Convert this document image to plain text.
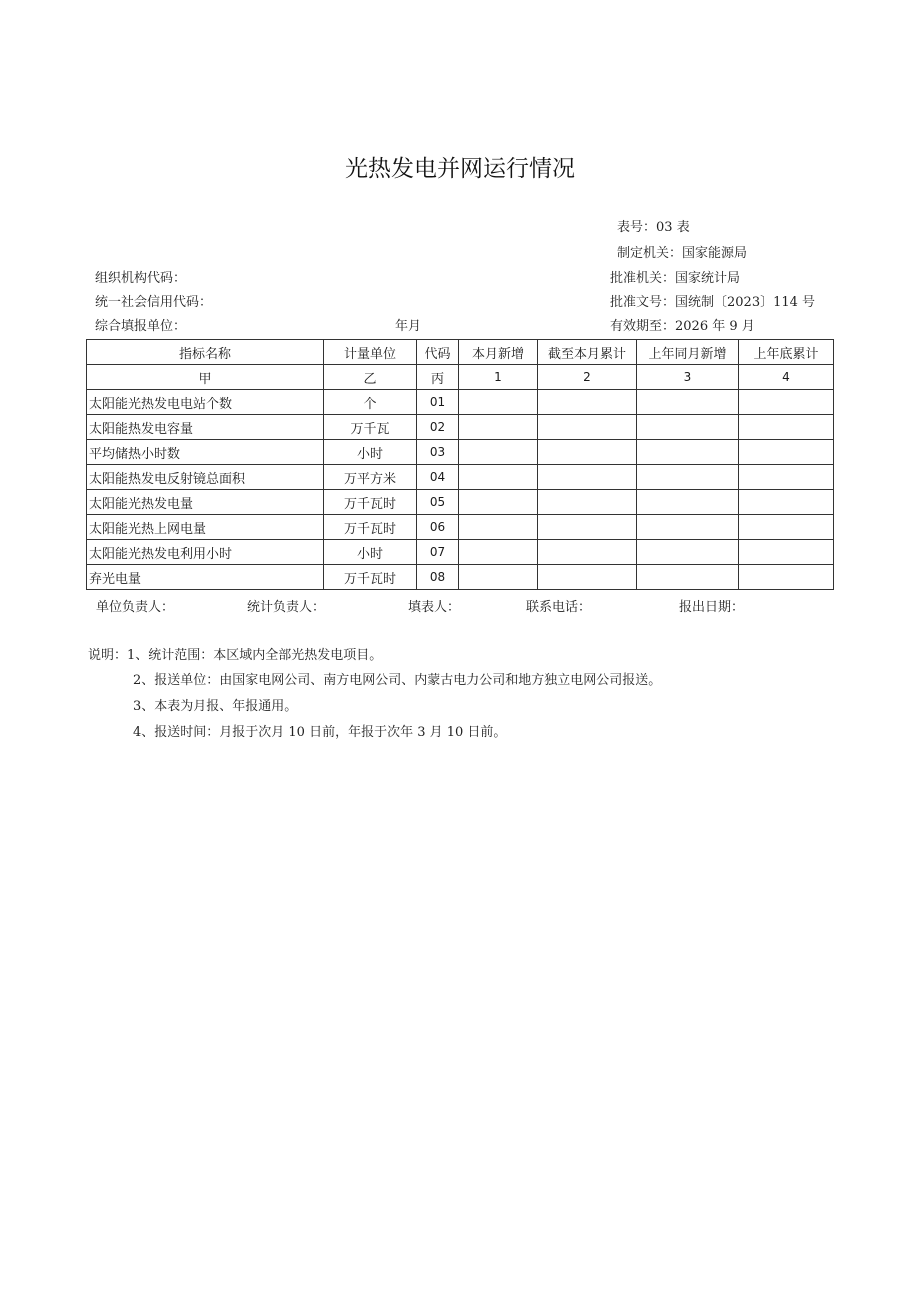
光热发电并网运行情况
表号：03 表
制定机关：国家能源局
批准机关：国家统计局
批准文号：国统制〔2023〕114 号
有效期至：2026 年 9 月
组织机构代码：
统一社会信用代码：
综合填报单位：	年月
指标名称	计量单位	代码	本月新增	截至本月累计	上年同月新增	上年底累计
甲	乙	丙	1	2	3	4
太阳能光热发电电站个数	个	01				
太阳能热发电容量	万千瓦	02				
平均储热小时数	小时	03				
太阳能热发电反射镜总面积	万平方米	04				
太阳能光热发电量	万千瓦时	05				
太阳能光热上网电量	万千瓦时	06				
太阳能光热发电利用小时	小时	07				
弃光电量	万千瓦时	08				
单位负责人：	统计负责人：	填表人：	联系电话：	报出日期：
说明：1、统计范围：本区域内全部光热发电项目。
2、报送单位：由国家电网公司、南方电网公司、内蒙古电力公司和地方独立电网公司报送。
3、本表为月报、年报通用。
4、报送时间：月报于次月 10 日前，年报于次年 3 月 10 日前。
